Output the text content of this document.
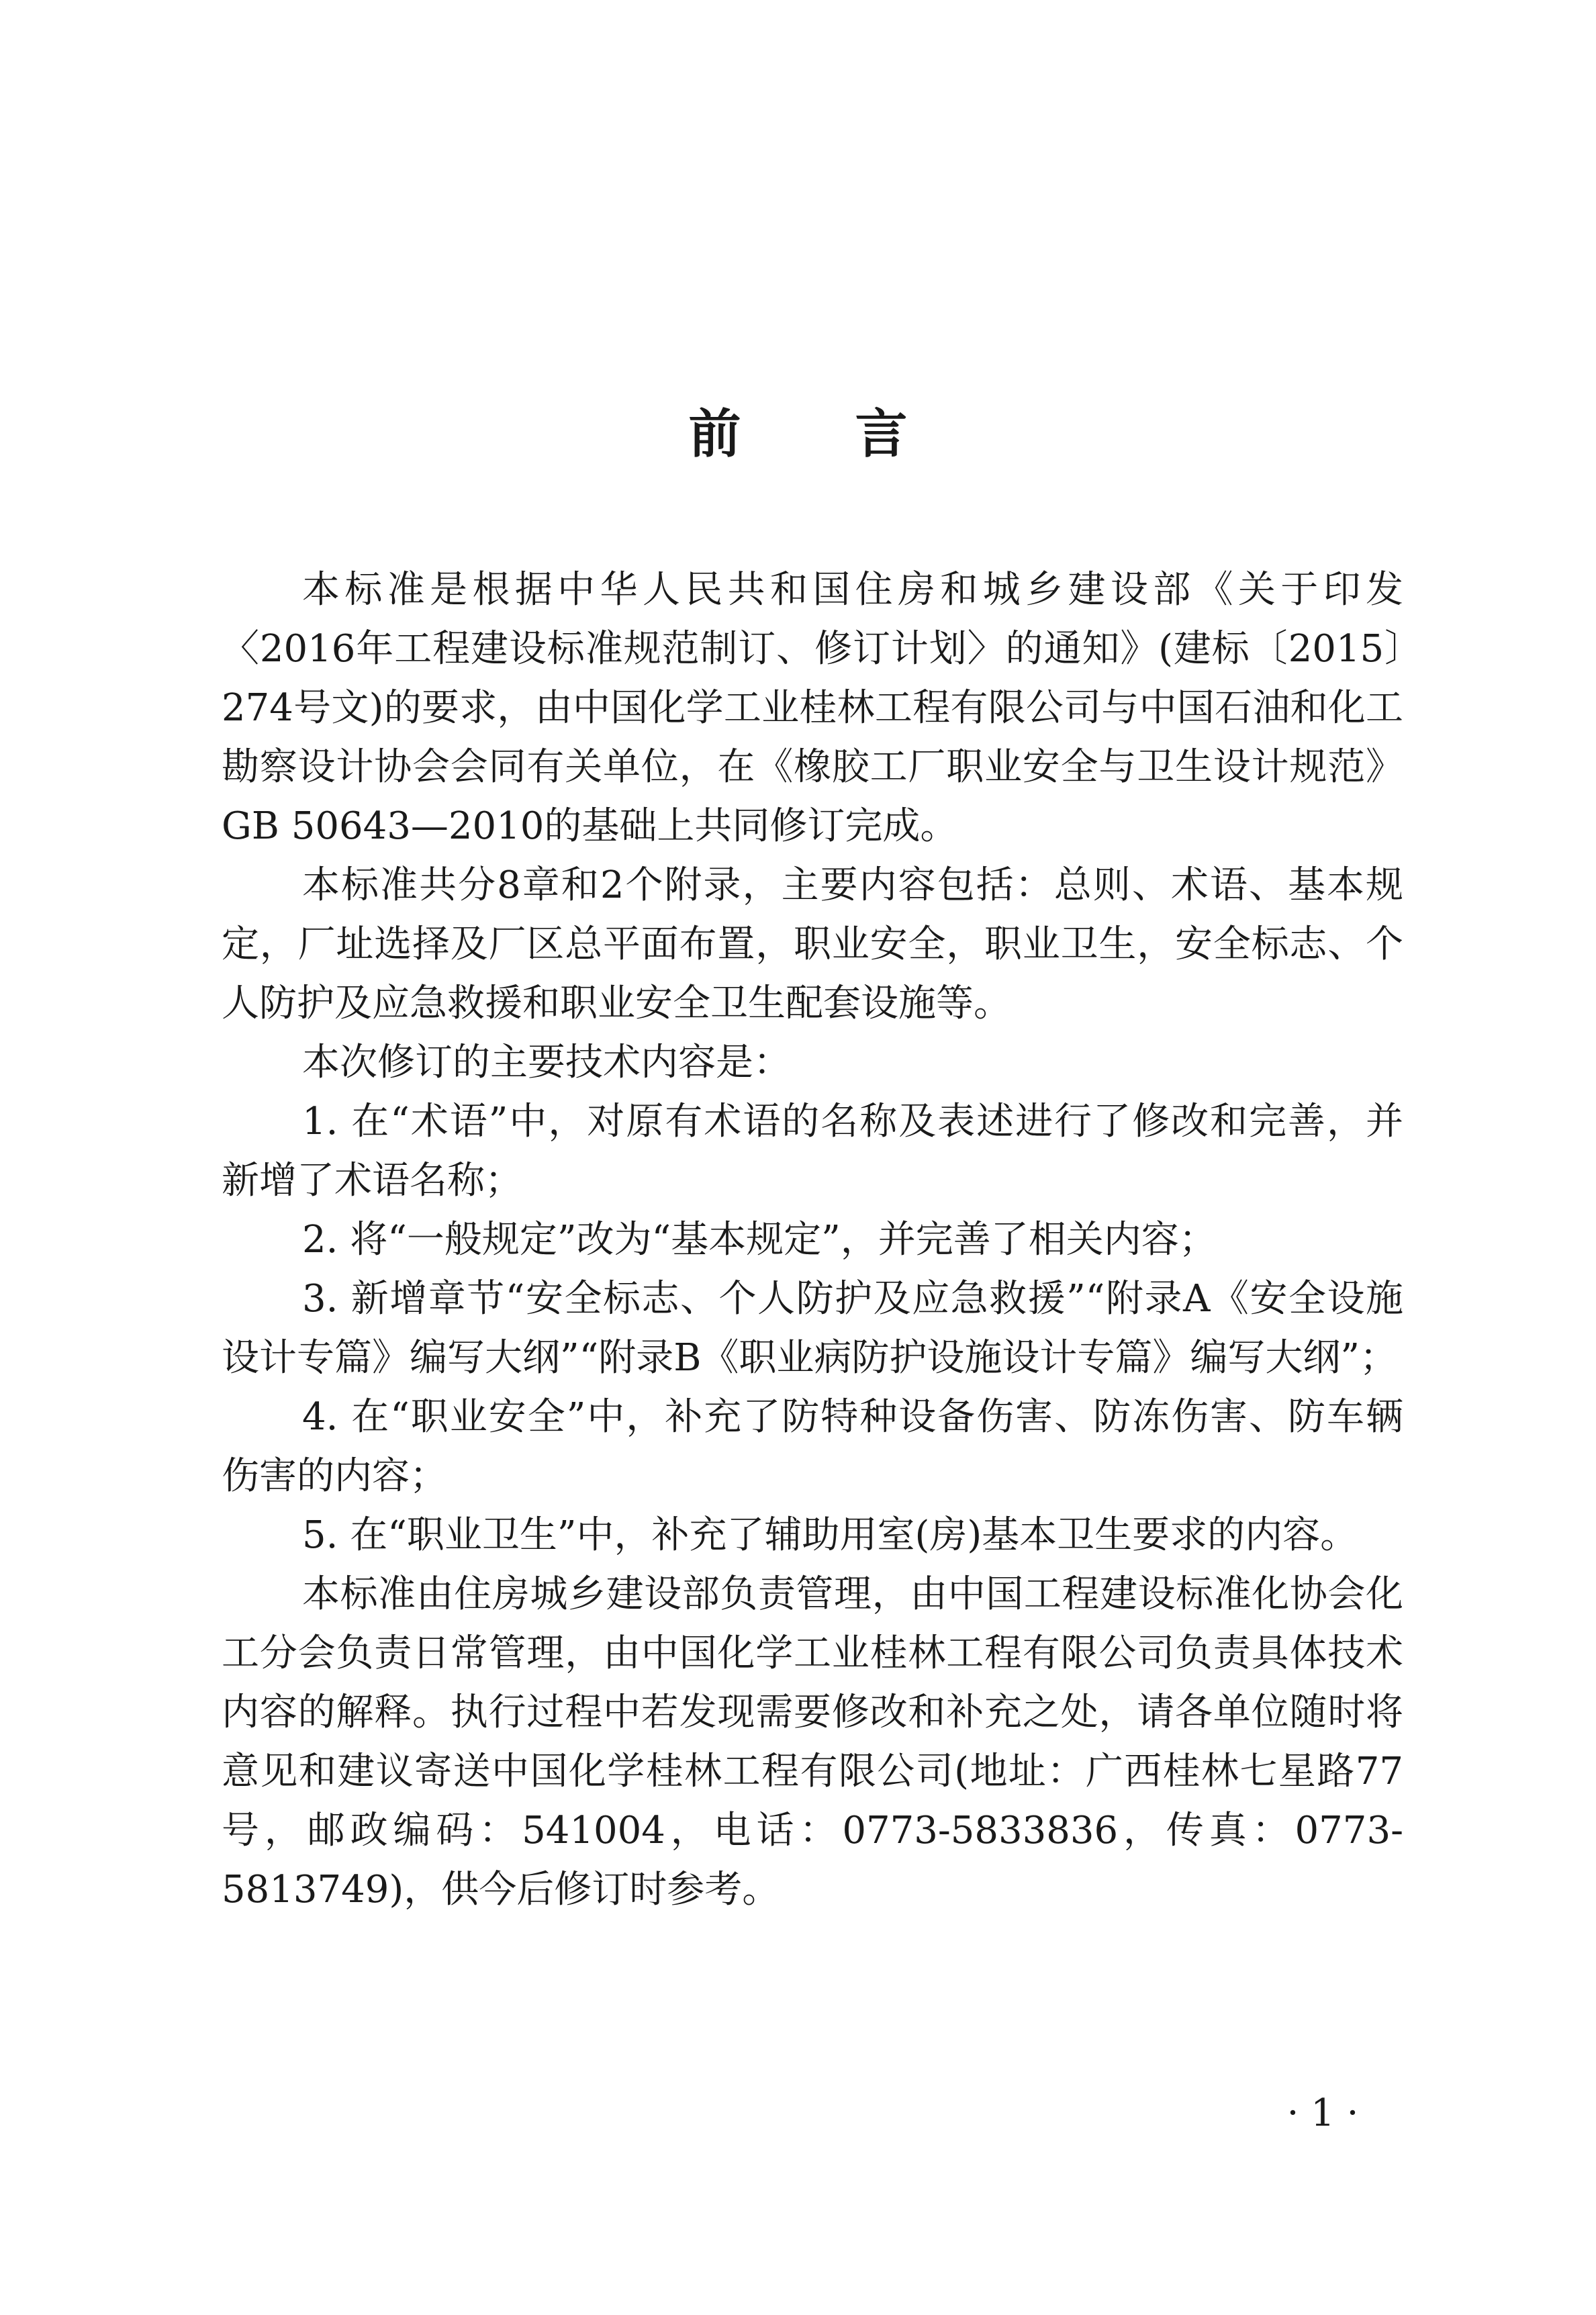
前言

本标准是根据中华人民共和国住房和城乡建设部《关于印发〈2016年工程建设标准规范制订、修订计划〉的通知》(建标〔2015〕274号文)的要求，由中国化学工业桂林工程有限公司与中国石油和化工勘察设计协会会同有关单位，在《橡胶工厂职业安全与卫生设计规范》GB 50643—2010的基础上共同修订完成。

本标准共分8章和2个附录，主要内容包括：总则、术语、基本规定，厂址选择及厂区总平面布置，职业安全，职业卫生，安全标志、个人防护及应急救援和职业安全卫生配套设施等。

本次修订的主要技术内容是：

1. 在“术语”中，对原有术语的名称及表述进行了修改和完善，并新增了术语名称；

2. 将“一般规定”改为“基本规定”，并完善了相关内容；

3. 新增章节“安全标志、个人防护及应急救援”“附录A《安全设施设计专篇》编写大纲”“附录B《职业病防护设施设计专篇》编写大纲”；

4. 在“职业安全”中，补充了防特种设备伤害、防冻伤害、防车辆伤害的内容；

5. 在“职业卫生”中，补充了辅助用室(房)基本卫生要求的内容。

本标准由住房城乡建设部负责管理，由中国工程建设标准化协会化工分会负责日常管理，由中国化学工业桂林工程有限公司负责具体技术内容的解释。执行过程中若发现需要修改和补充之处，请各单位随时将意见和建议寄送中国化学桂林工程有限公司(地址：广西桂林七星路77号，邮政编码：541004，电话：0773-5833836，传真：0773-5813749)，供今后修订时参考。

· 1 ·
